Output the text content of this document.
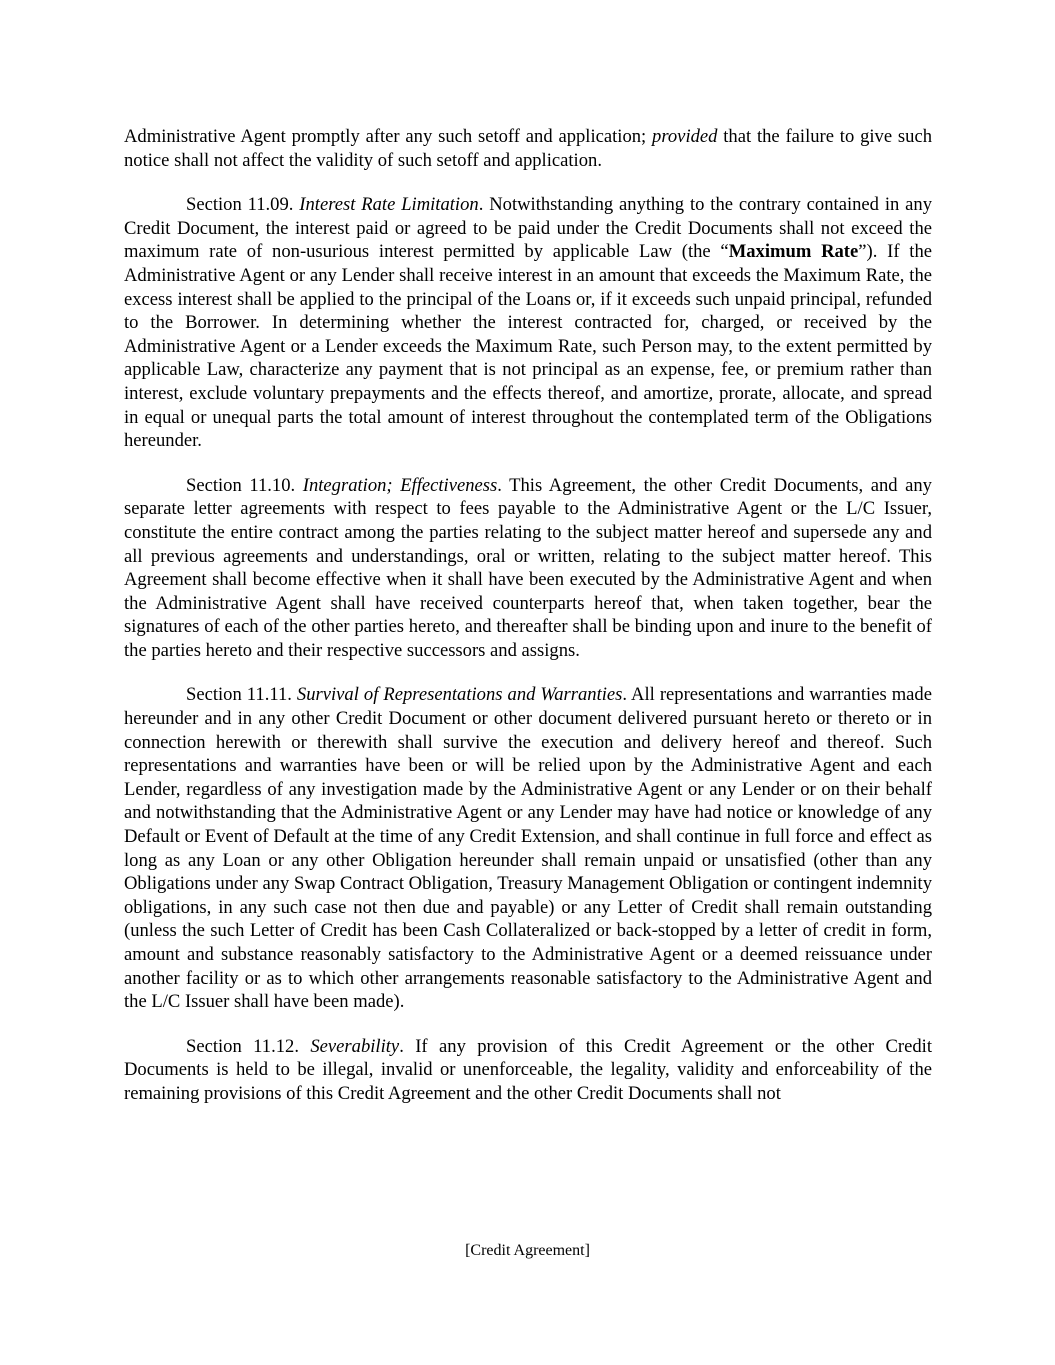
Administrative Agent promptly after any such setoff and application; provided that the failure to give such notice shall not affect the validity of such setoff and application.

Section 11.09. Interest Rate Limitation. Notwithstanding anything to the contrary contained in any Credit Document, the interest paid or agreed to be paid under the Credit Documents shall not exceed the maximum rate of non-usurious interest permitted by applicable Law (the “Maximum Rate”). If the Administrative Agent or any Lender shall receive interest in an amount that exceeds the Maximum Rate, the excess interest shall be applied to the principal of the Loans or, if it exceeds such unpaid principal, refunded to the Borrower. In determining whether the interest contracted for, charged, or received by the Administrative Agent or a Lender exceeds the Maximum Rate, such Person may, to the extent permitted by applicable Law, characterize any payment that is not principal as an expense, fee, or premium rather than interest, exclude voluntary prepayments and the effects thereof, and amortize, prorate, allocate, and spread in equal or unequal parts the total amount of interest throughout the contemplated term of the Obligations hereunder.

Section 11.10. Integration; Effectiveness. This Agreement, the other Credit Documents, and any separate letter agreements with respect to fees payable to the Administrative Agent or the L/C Issuer, constitute the entire contract among the parties relating to the subject matter hereof and supersede any and all previous agreements and understandings, oral or written, relating to the subject matter hereof. This Agreement shall become effective when it shall have been executed by the Administrative Agent and when the Administrative Agent shall have received counterparts hereof that, when taken together, bear the signatures of each of the other parties hereto, and thereafter shall be binding upon and inure to the benefit of the parties hereto and their respective successors and assigns.

Section 11.11. Survival of Representations and Warranties. All representations and warranties made hereunder and in any other Credit Document or other document delivered pursuant hereto or thereto or in connection herewith or therewith shall survive the execution and delivery hereof and thereof. Such representations and warranties have been or will be relied upon by the Administrative Agent and each Lender, regardless of any investigation made by the Administrative Agent or any Lender or on their behalf and notwithstanding that the Administrative Agent or any Lender may have had notice or knowledge of any Default or Event of Default at the time of any Credit Extension, and shall continue in full force and effect as long as any Loan or any other Obligation hereunder shall remain unpaid or unsatisfied (other than any Obligations under any Swap Contract Obligation, Treasury Management Obligation or contingent indemnity obligations, in any such case not then due and payable) or any Letter of Credit shall remain outstanding (unless the such Letter of Credit has been Cash Collateralized or back-stopped by a letter of credit in form, amount and substance reasonably satisfactory to the Administrative Agent or a deemed reissuance under another facility or as to which other arrangements reasonable satisfactory to the Administrative Agent and the L/C Issuer shall have been made).

Section 11.12. Severability. If any provision of this Credit Agreement or the other Credit Documents is held to be illegal, invalid or unenforceable, the legality, validity and enforceability of the remaining provisions of this Credit Agreement and the other Credit Documents shall not

[Credit Agreement]
